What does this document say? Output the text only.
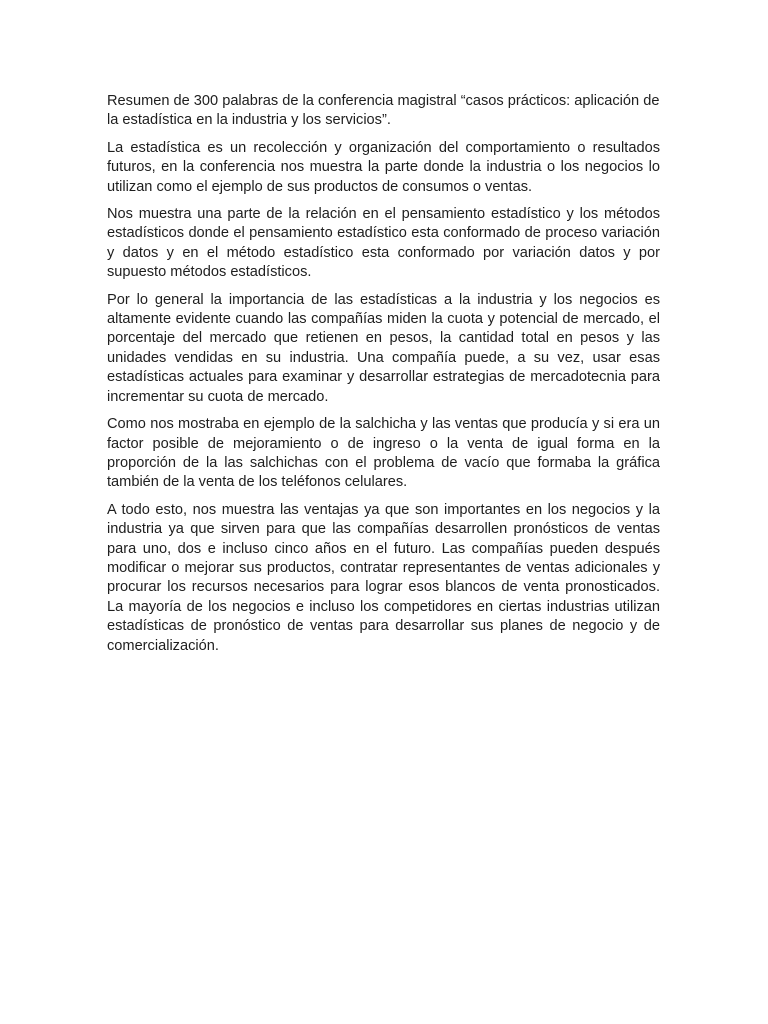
Resumen de 300 palabras de la conferencia magistral “casos prácticos: aplicación de la estadística en la industria y los servicios”.

La estadística es un recolección y organización del comportamiento o resultados futuros, en la conferencia nos muestra la parte donde la industria o los negocios lo utilizan como el ejemplo de sus productos de consumos o ventas.

Nos muestra una parte de la relación en el pensamiento estadístico y los métodos estadísticos donde el pensamiento estadístico esta conformado de proceso variación y datos y en el método estadístico esta conformado por variación datos y por supuesto métodos estadísticos.

Por lo general la importancia de las estadísticas a la industria y los negocios es altamente evidente cuando las compañías miden la cuota y potencial de mercado, el porcentaje del mercado que retienen en pesos, la cantidad total en pesos y las unidades vendidas en su industria. Una compañía puede, a su vez, usar esas estadísticas actuales para examinar y desarrollar estrategias de mercadotecnia para incrementar su cuota de mercado.

Como nos mostraba en ejemplo de la salchicha y las ventas que producía y si era un factor posible de mejoramiento o de ingreso o la venta de igual forma en la proporción de la las salchichas con el problema de vacío que formaba la gráfica también de la venta de los teléfonos celulares.

A todo esto, nos muestra las ventajas ya que son importantes en los negocios y la industria ya que sirven para que las compañías desarrollen pronósticos de ventas para uno, dos e incluso cinco años en el futuro. Las compañías pueden después modificar o mejorar sus productos, contratar representantes de ventas adicionales y procurar los recursos necesarios para lograr esos blancos de venta pronosticados. La mayoría de los negocios e incluso los competidores en ciertas industrias utilizan estadísticas de pronóstico de ventas para desarrollar sus planes de negocio y de comercialización.
